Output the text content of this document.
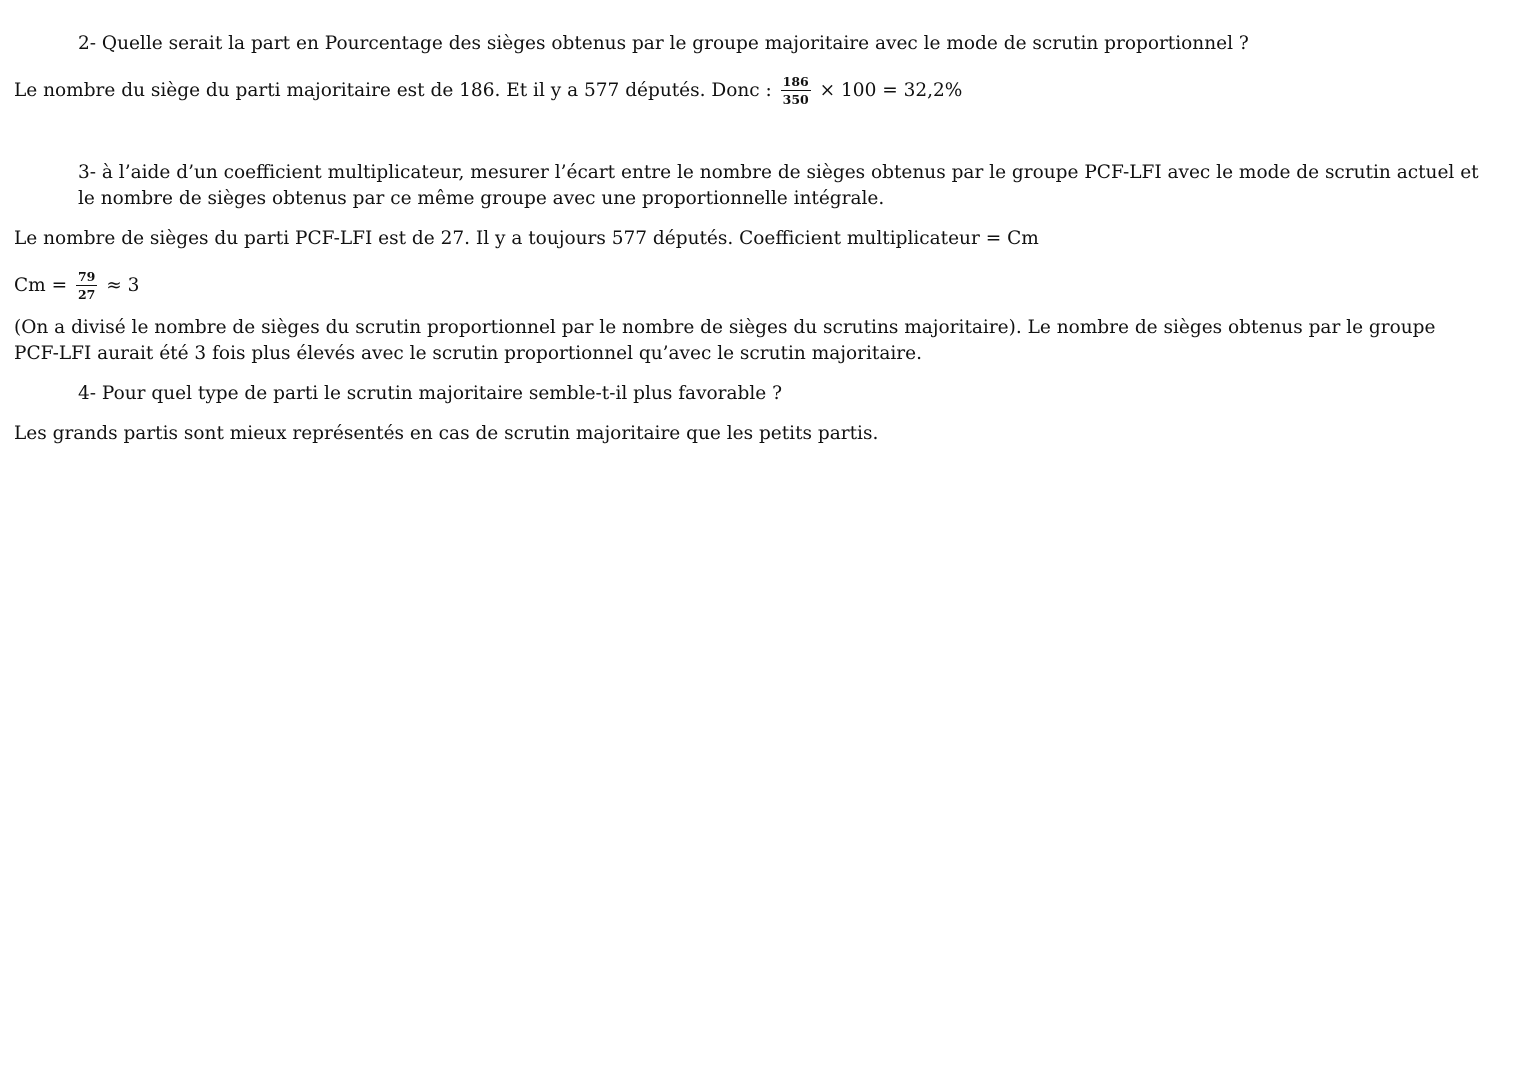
2- Quelle serait la part en Pourcentage des sièges obtenus par le groupe majoritaire avec le mode de scrutin proportionnel ?

Le nombre du siège du parti majoritaire est de 186. Et il y a 577 députés. Donc : $\frac{186}{350} \times 100 = 32,2\%$

3- à l’aide d’un coefficient multiplicateur, mesurer l’écart entre le nombre de sièges obtenus par le groupe PCF-LFI avec le mode de scrutin actuel et le nombre de sièges obtenus par ce même groupe avec une proportionnelle intégrale.

Le nombre de sièges du parti PCF-LFI est de 27. Il y a toujours 577 députés. Coefficient multiplicateur = Cm

$Cm = \frac{79}{27} \approx 3$

(On a divisé le nombre de sièges du scrutin proportionnel par le nombre de sièges du scrutins majoritaire). Le nombre de sièges obtenus par le groupe PCF-LFI aurait été 3 fois plus élevés avec le scrutin proportionnel qu’avec le scrutin majoritaire.

4- Pour quel type de parti le scrutin majoritaire semble-t-il plus favorable ?

Les grands partis sont mieux représentés en cas de scrutin majoritaire que les petits partis.
